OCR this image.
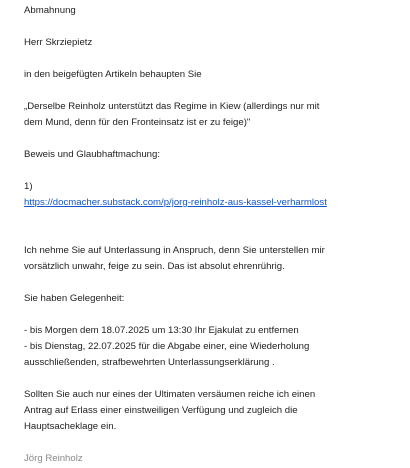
Abmahnung
Herr Skrziepietz
in den beigefügten Artikeln behaupten Sie
„Derselbe Reinholz unterstützt das Regime in Kiew (allerdings nur mit
dem Mund, denn für den Fronteinsatz ist er zu feige)"
Beweis und Glaubhaftmachung:
1)
https://docmacher.substack.com/p/jorg-reinholz-aus-kassel-verharmlost
Ich nehme Sie auf Unterlassung in Anspruch, denn Sie unterstellen mir
vorsätzlich unwahr, feige zu sein. Das ist absolut ehrenrührig.
Sie haben Gelegenheit:
- bis Morgen dem 18.07.2025 um 13:30 Ihr Ejakulat zu entfernen
- bis Dienstag, 22.07.2025 für die Abgabe einer, eine Wiederholung
ausschließenden, strafbewehrten Unterlassungserklärung .
Sollten Sie auch nur eines der Ultimaten versäumen reiche ich einen
Antrag auf Erlass einer einstweiligen Verfügung und zugleich die
Hauptsacheklage ein.
Jörg Reinholz
